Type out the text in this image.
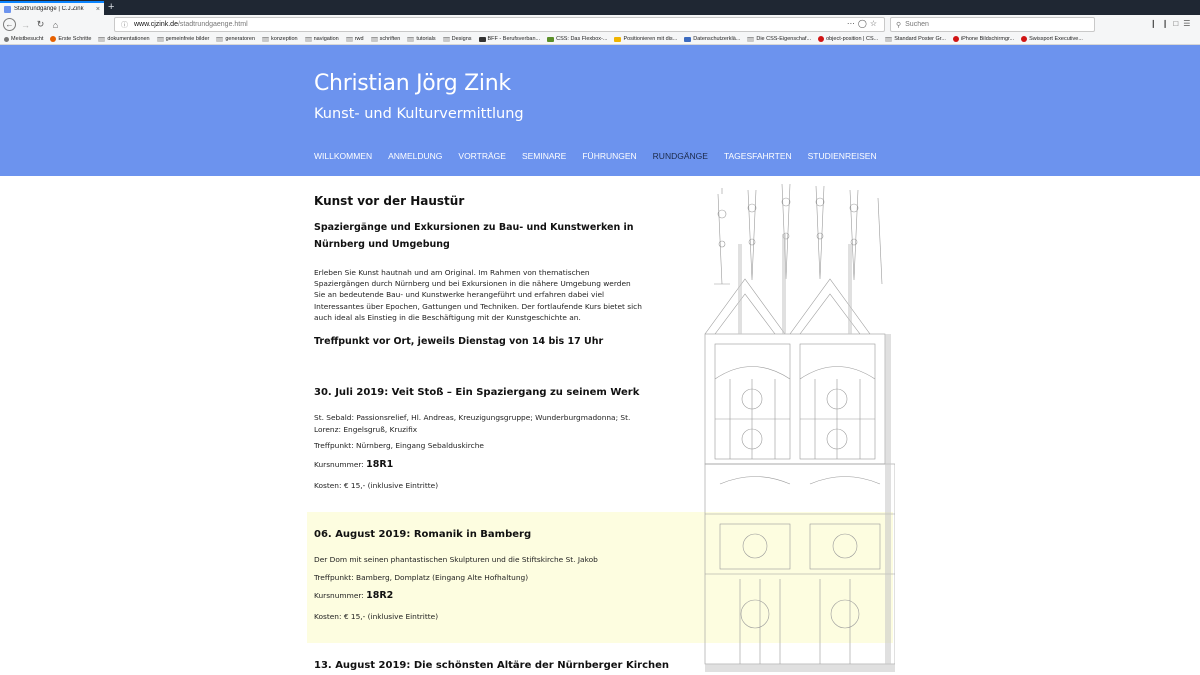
Stadtrundgänge | C.J.Zink	× +
← → ↻ ⌂	ⓘ www.cjzink.de/stadtrundgaenge.html	⋯◯☆ ⚲
Suchen	❙❙□☰
Meistbesucht	Erste Schritte	dokumentationen	gemeinfreie bilder	generatoren	konzeption	navigation	rwd	schriften	tutorials	Designs	BFF - Berufsverban...	CSS: Das Flexbox-...	Positionieren mit dis...	Datenschutzerklä...	Die CSS-Eigenschaf...	object-position | CS...	Standard Poster Gr...	iPhone Bildschirmgr...	Swissport Executive...
Christian Jörg Zink
Kunst- und Kulturvermittlung
WILLKOMMEN ANMELDUNG VORTRÄGE SEMINARE FÜHRUNGEN RUNDGÄNGE TAGESFAHRTEN STUDIENREISEN
Kunst vor der Haustür
Spaziergänge und Exkursionen zu Bau- und Kunstwerken in Nürnberg und Umgebung
Erleben Sie Kunst hautnah und am Original. Im Rahmen von thematischen Spaziergängen durch Nürnberg und bei Exkursionen in die nähere Umgebung werden Sie an bedeutende Bau- und Kunstwerke herangeführt und erfahren dabei viel Interessantes über Epochen, Gattungen und Techniken. Der fortlaufende Kurs bietet sich auch ideal als Einstieg in die Beschäftigung mit der Kunstgeschichte an.
Treffpunkt vor Ort, jeweils Dienstag von 14 bis 17 Uhr
30. Juli 2019: Veit Stoß – Ein Spaziergang zu seinem Werk
St. Sebald: Passionsrelief, Hl. Andreas, Kreuzigungsgruppe; Wunderburgmadonna; St. Lorenz: Engelsgruß, Kruzifix
Treffpunkt: Nürnberg, Eingang Sebalduskirche
Kursnummer: 18R1
Kosten: € 15,- (inklusive Eintritte)
06. August 2019: Romanik in Bamberg
Der Dom mit seinen phantastischen Skulpturen und die Stiftskirche St. Jakob
Treffpunkt: Bamberg, Domplatz (Eingang Alte Hofhaltung)
Kursnummer: 18R2
Kosten: € 15,- (inklusive Eintritte)
13. August 2019: Die schönsten Altäre der Nürnberger Kirchen
